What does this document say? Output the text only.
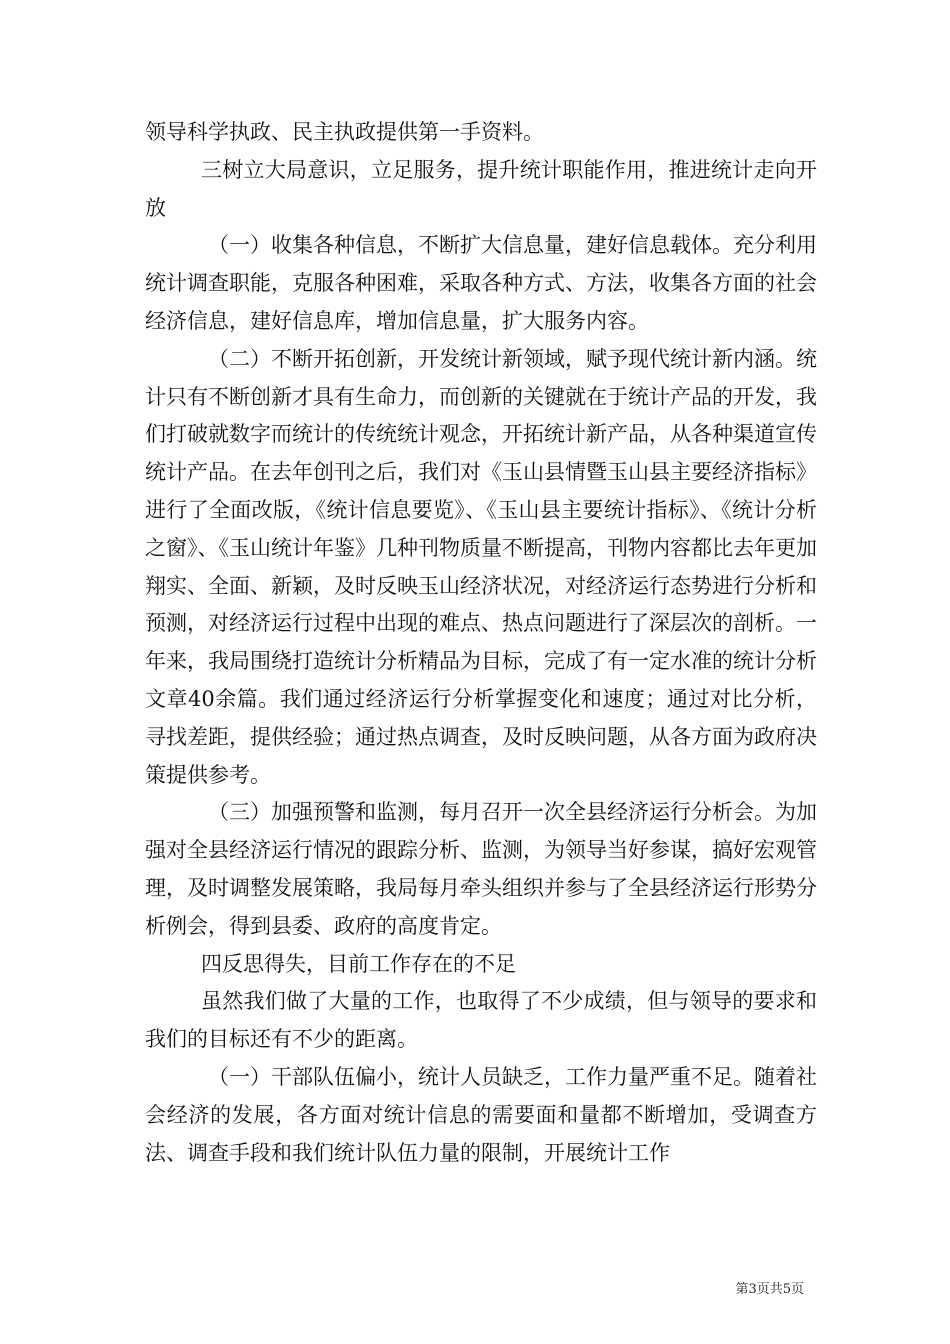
领导科学执政、民主执政提供第一手资料。

三树立大局意识，立足服务，提升统计职能作用，推进统计走向开放

（一）收集各种信息，不断扩大信息量，建好信息载体。充分利用统计调查职能，克服各种困难，采取各种方式、方法，收集各方面的社会经济信息，建好信息库，增加信息量，扩大服务内容。

（二）不断开拓创新，开发统计新领域，赋予现代统计新内涵。统计只有不断创新才具有生命力，而创新的关键就在于统计产品的开发，我们打破就数字而统计的传统统计观念，开拓统计新产品，从各种渠道宣传统计产品。在去年创刊之后，我们对《玉山县情暨玉山县主要经济指标》进行了全面改版，《统计信息要览》、《玉山县主要统计指标》、《统计分析之窗》、《玉山统计年鉴》几种刊物质量不断提高，刊物内容都比去年更加翔实、全面、新颖，及时反映玉山经济状况，对经济运行态势进行分析和预测，对经济运行过程中出现的难点、热点问题进行了深层次的剖析。一年来，我局围绕打造统计分析精品为目标，完成了有一定水准的统计分析文章40余篇。我们通过经济运行分析掌握变化和速度；通过对比分析，寻找差距，提供经验；通过热点调查，及时反映问题，从各方面为政府决策提供参考。

（三）加强预警和监测，每月召开一次全县经济运行分析会。为加强对全县经济运行情况的跟踪分析、监测，为领导当好参谋，搞好宏观管理，及时调整发展策略，我局每月牵头组织并参与了全县经济运行形势分析例会，得到县委、政府的高度肯定。

四反思得失，目前工作存在的不足

虽然我们做了大量的工作，也取得了不少成绩，但与领导的要求和我们的目标还有不少的距离。

（一）干部队伍偏小，统计人员缺乏，工作力量严重不足。随着社会经济的发展，各方面对统计信息的需要面和量都不断增加，受调查方法、调查手段和我们统计队伍力量的限制，开展统计工作

第3页共5页
